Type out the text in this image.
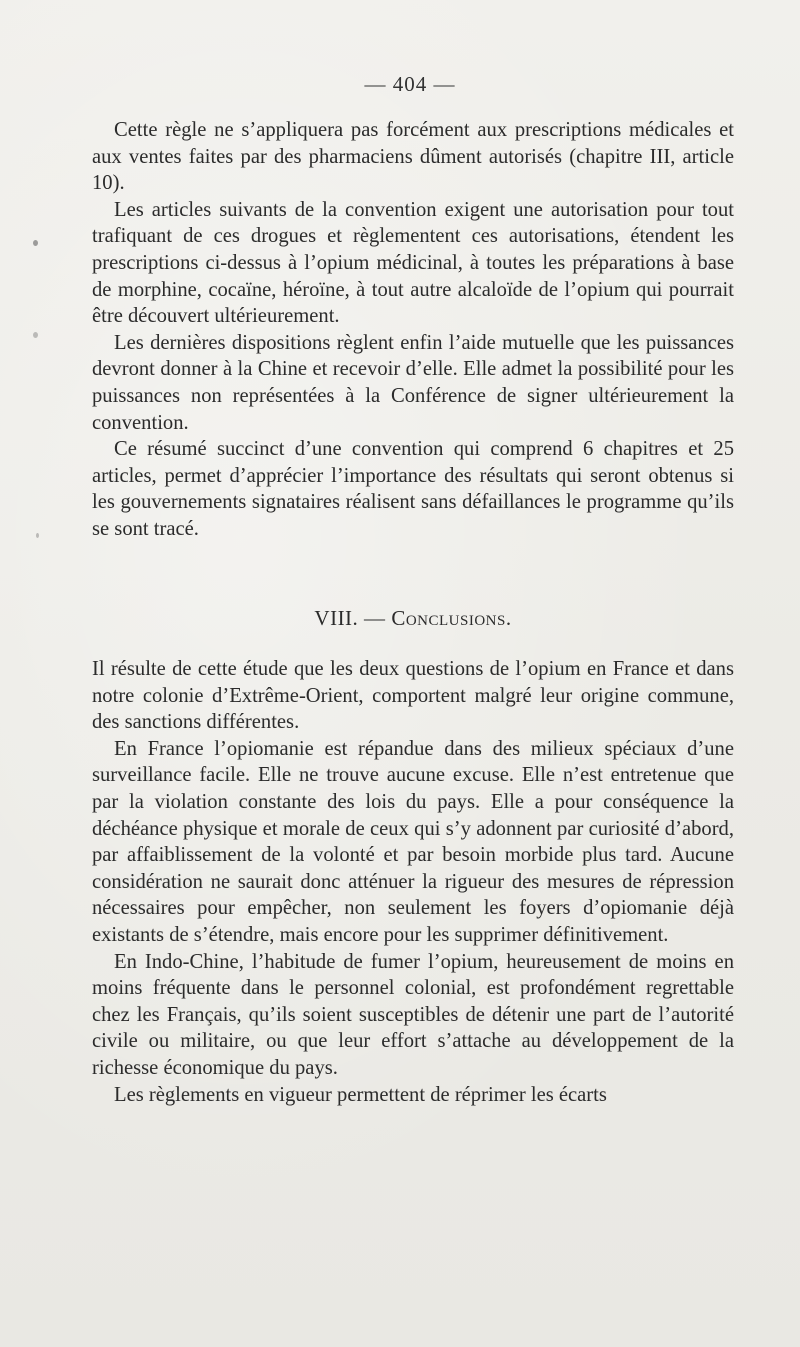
— 404 —

Cette règle ne s’appliquera pas forcément aux prescriptions médicales et aux ventes faites par des pharmaciens dûment autorisés (chapitre III, article 10).

Les articles suivants de la convention exigent une autorisation pour tout trafiquant de ces drogues et règlementent ces autorisations, étendent les prescriptions ci-dessus à l’opium médicinal, à toutes les préparations à base de morphine, cocaïne, héroïne, à tout autre alcaloïde de l’opium qui pourrait être découvert ultérieurement.

Les dernières dispositions règlent enfin l’aide mutuelle que les puissances devront donner à la Chine et recevoir d’elle. Elle admet la possibilité pour les puissances non représentées à la Conférence de signer ultérieurement la convention.

Ce résumé succinct d’une convention qui comprend 6 chapitres et 25 articles, permet d’apprécier l’importance des résultats qui seront obtenus si les gouvernements signataires réalisent sans défaillances le programme qu’ils se sont tracé.

VIII. — Conclusions.

Il résulte de cette étude que les deux questions de l’opium en France et dans notre colonie d’Extrême-Orient, comportent malgré leur origine commune, des sanctions différentes.

En France l’opiomanie est répandue dans des milieux spéciaux d’une surveillance facile. Elle ne trouve aucune excuse. Elle n’est entretenue que par la violation constante des lois du pays. Elle a pour conséquence la déchéance physique et morale de ceux qui s’y adonnent par curiosité d’abord, par affaiblissement de la volonté et par besoin morbide plus tard. Aucune considération ne saurait donc atténuer la rigueur des mesures de répression nécessaires pour empêcher, non seulement les foyers d’opiomanie déjà existants de s’étendre, mais encore pour les supprimer définitivement.

En Indo-Chine, l’habitude de fumer l’opium, heureusement de moins en moins fréquente dans le personnel colonial, est profondément regrettable chez les Français, qu’ils soient susceptibles de détenir une part de l’autorité civile ou militaire, ou que leur effort s’attache au développement de la richesse économique du pays.

Les règlements en vigueur permettent de réprimer les écarts
